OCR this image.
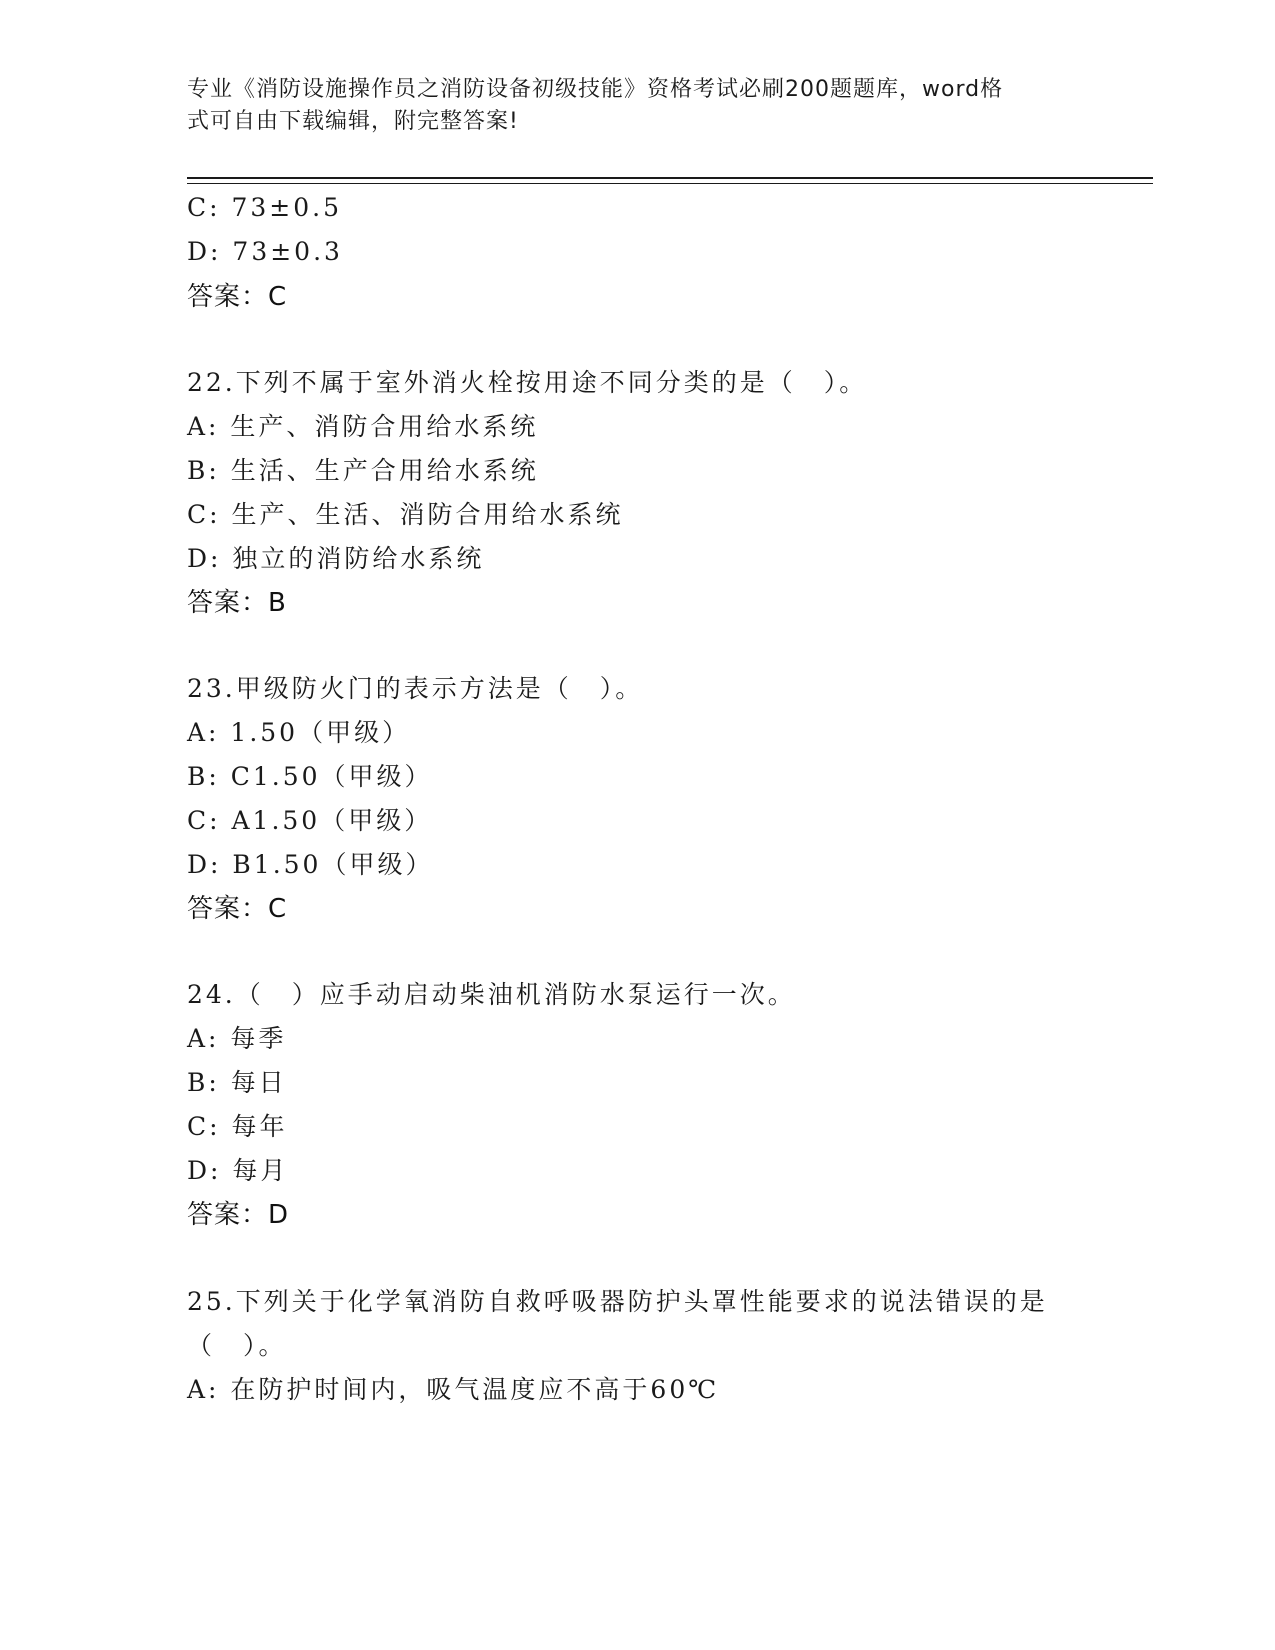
专业《消防设施操作员之消防设备初级技能》资格考试必刷200题题库，word格
式可自由下载编辑，附完整答案!
C: 73±0.5
D: 73±0.3
答案：C
22.下列不属于室外消火栓按用途不同分类的是（　）。
A: 生产、消防合用给水系统
B: 生活、生产合用给水系统
C: 生产、生活、消防合用给水系统
D: 独立的消防给水系统
答案：B
23.甲级防火门的表示方法是（　）。
A: 1.50（甲级）
B: C1.50（甲级）
C: A1.50（甲级）
D: B1.50（甲级）
答案：C
24.（　）应手动启动柴油机消防水泵运行一次。
A: 每季
B: 每日
C: 每年
D: 每月
答案：D
25.下列关于化学氧消防自救呼吸器防护头罩性能要求的说法错误的是
（　）。
A: 在防护时间内，吸气温度应不高于60℃
